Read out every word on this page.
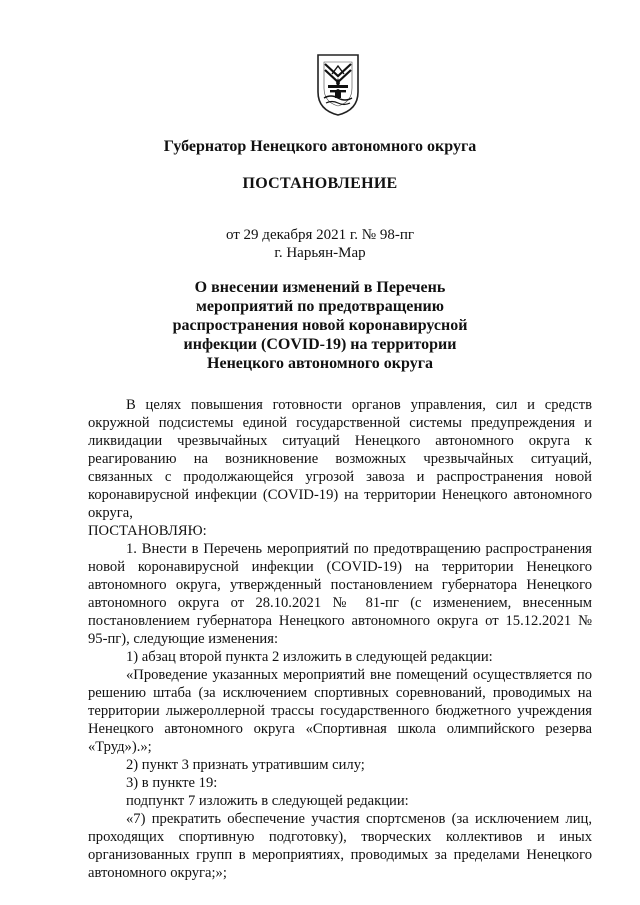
Губернатор Ненецкого автономного округа
ПОСТАНОВЛЕНИЕ
от 29 декабря 2021 г. № 98-пг
г. Нарьян-Мар
О внесении изменений в Перечень
мероприятий по предотвращению
распространения новой коронавирусной
инфекции (COVID-19) на территории
Ненецкого автономного округа

В целях повышения готовности органов управления, сил и средств окружной подсистемы единой государственной системы предупреждения и ликвидации чрезвычайных ситуаций Ненецкого автономного округа к реагированию на возникновение возможных чрезвычайных ситуаций, связанных с продолжающейся угрозой завоза и распространения новой коронавирусной инфекции (COVID-19) на территории Ненецкого автономного округа,

ПОСТАНОВЛЯЮ:

1. Внести в Перечень мероприятий по предотвращению распространения новой коронавирусной инфекции (COVID-19) на территории Ненецкого автономного округа, утвержденный постановлением губернатора Ненецкого автономного округа от 28.10.2021 № 81-пг (с изменением, внесенным постановлением губернатора Ненецкого автономного округа от 15.12.2021 № 95-пг), следующие изменения:

1) абзац второй пункта 2 изложить в следующей редакции:

«Проведение указанных мероприятий вне помещений осуществляется по решению штаба (за исключением спортивных соревнований, проводимых на территории лыжероллерной трассы государственного бюджетного учреждения Ненецкого автономного округа «Спортивная школа олимпийского резерва «Труд»).»;

2) пункт 3 признать утратившим силу;

3) в пункте 19:

подпункт 7 изложить в следующей редакции:

«7) прекратить обеспечение участия спортсменов (за исключением лиц, проходящих спортивную подготовку), творческих коллективов и иных организованных групп в мероприятиях, проводимых за пределами Ненецкого автономного округа;»;
